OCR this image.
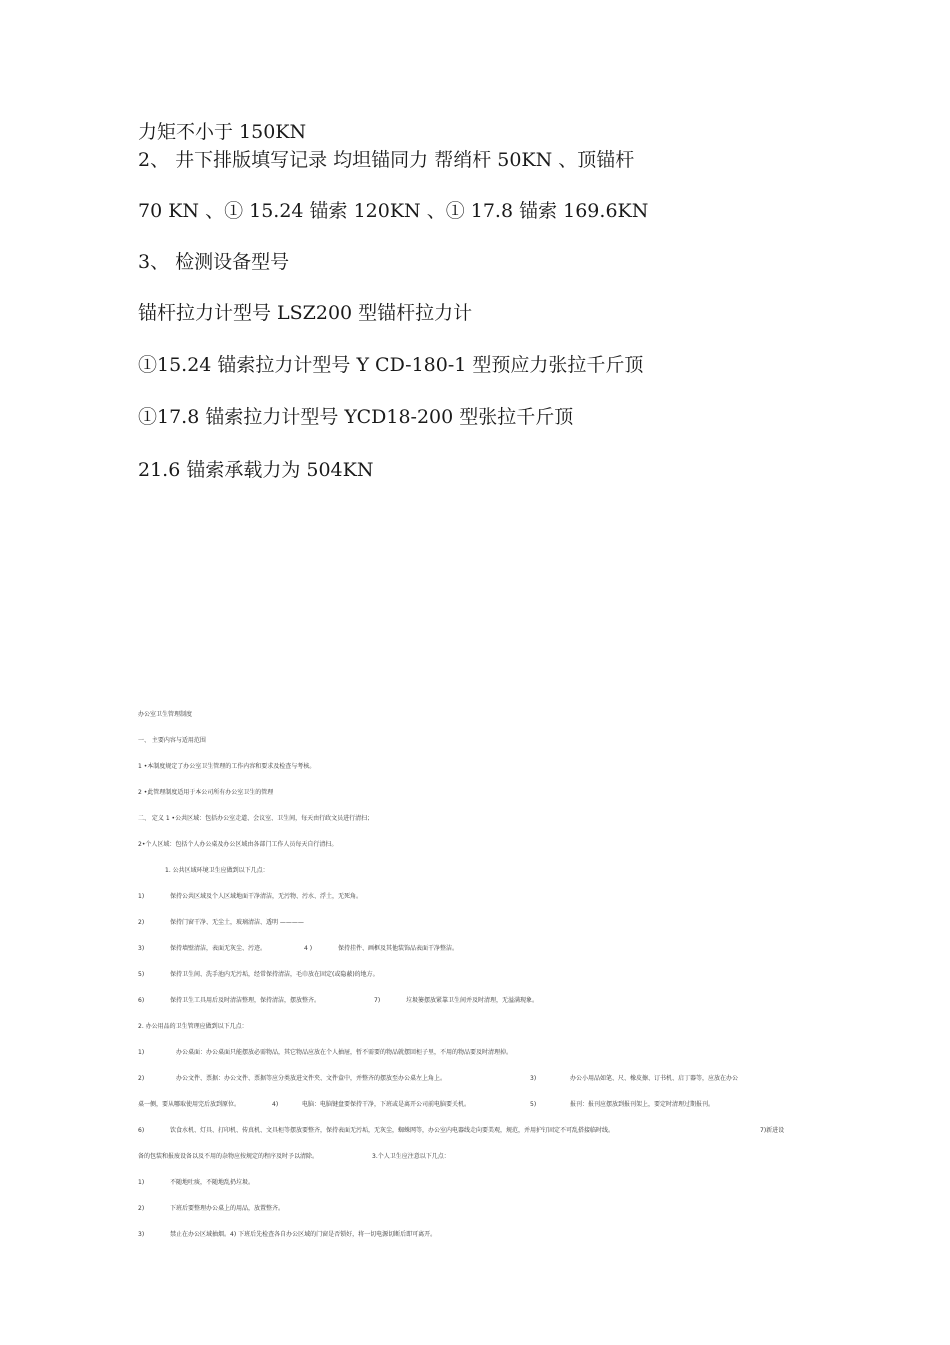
力矩不小于 150KN
2、 井下排版填写记录 均坦锚同力 帮绡杆 50KN 、顶锚杆
70 KN 、① 15.24 锚索 120KN 、① 17.8 锚索 169.6KN
3、 检测设备型号
锚杆拉力计型号 LSZ200 型锚杆拉力计
①15.24 锚索拉力计型号 Y CD-180-1 型预应力张拉千斤顶
①17.8 锚索拉力计型号 YCD18-200 型张拉千斤顶
21.6 锚索承载力为 504KN
办公室卫生管理制度
一、 主要内容与适用范围
1 •本制度规定了办公室卫生管理的工作内容和要求及检查与考核。
2 •此管理制度适用于本公司所有办公室卫生的管理
二、 定义 1 •公共区域：包括办公室走道、会议室、卫生间，每天由行政文员进行清扫；
2•个人区域：包括个人办公桌及办公区域由各部门工作人员每天自行清扫。
1. 公共区域环境卫生应做到以下几点：
1)	保持公共区域及个人区域地面干净清洁，无污物、污水、浮土，无死角。
2)	保持门窗干净、无尘土，玻璃清洁、透明 ————
3)	保持墙壁清洁，表面无灰尘、污迹。	4 )	保持挂件、画框及其他装饰品表面干净整洁。
5)	保持卫生间、洗手池内无污垢，经常保持清洁，毛巾放在固定(或隐蔽)的地方。
6)	保持卫生工具用后及时清洁整理，保持清洁，摆放整齐。	7)	垃圾篓摆放紧靠卫生间并及时清理，无溢满现象。
2. 办公用品的卫生管理应做到以下几点：
1)	办公桌面：办公桌面只能摆放必需物品，其它物品应放在个人抽屉，暂不需要的物品就摆回柜子里，不用的物品要及时清理掉。
2)	办公文件、票据：办公文件、票据等应分类放进文件夹、文件盒中，并整齐的摆放至办公桌左上角上。	3)	办公小用品如笔、尺、橡皮擦、订书机、启丁器等，应放在办公
桌一侧，要从哪取使用完后放到原位。	4)	电脑：电脑键盘要保持干净，下班或是离开公司前电脑要关机。	5)	报刊：报刊应摆放到报刊架上，要定时清理过期报刊。
6)	饮食水机、灯具、打印机、传真机、文具柜等摆放要整齐，保持表面无污垢，无灰尘，蜘蛛网等，办公室内电器线走向要美观，规范，并用护钉固定不可乱搭接临时线。	7)新进设
备的包装和报废设备以及不用的杂物应按规定的程序及时予以清除。	3.个人卫生应注意以下几点：
1)	不随地吐痰，不随地乱扔垃圾。
2)	下班后要整理办公桌上的用品，放置整齐。
3)	禁止在办公区域抽烟。4) 下班后先检查各自办公区域的门窗是否锁好，将一切电源切断后即可离开。
